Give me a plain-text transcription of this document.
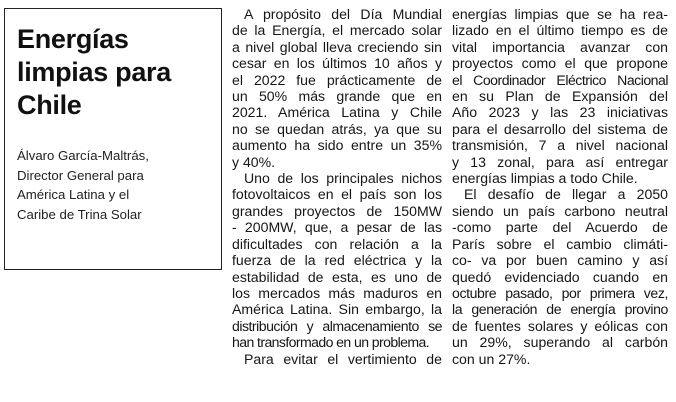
Energías
limpias para
Chile
Álvaro García-Maltrás,
Director General para
América Latina y el
Caribe de Trina Solar

A propósito del Día Mundial
de la Energía, el mercado solar
a nivel global lleva creciendo sin
cesar en los últimos 10 años y
el 2022 fue prácticamente de
un 50% más grande que en
2021. América Latina y Chile
no se quedan atrás, ya que su
aumento ha sido entre un 35%
y 40%.

Uno de los principales nichos
fotovoltaicos en el país son los
grandes proyectos de 150MW
- 200MW, que, a pesar de las
dificultades con relación a la
fuerza de la red eléctrica y la
estabilidad de esta, es uno de
los mercados más maduros en
América Latina. Sin embargo, la
distribución y almacenamiento se
han transformado en un problema.

Para evitar el vertimiento de

energías limpias que se ha rea-
lizado en el último tiempo es de
vital importancia avanzar con
proyectos como el que propone
el Coordinador Eléctrico Nacional
en su Plan de Expansión del
Año 2023 y las 23 iniciativas
para el desarrollo del sistema de
transmisión, 7 a nivel nacional
y 13 zonal, para así entregar
energías limpias a todo Chile.

El desafío de llegar a 2050
siendo un país carbono neutral
-como parte del Acuerdo de
París sobre el cambio climáti-
co- va por buen camino y así
quedó evidenciado cuando en
octubre pasado, por primera vez,
la generación de energía provino
de fuentes solares y eólicas con
un 29%, superando al carbón
con un 27%.
